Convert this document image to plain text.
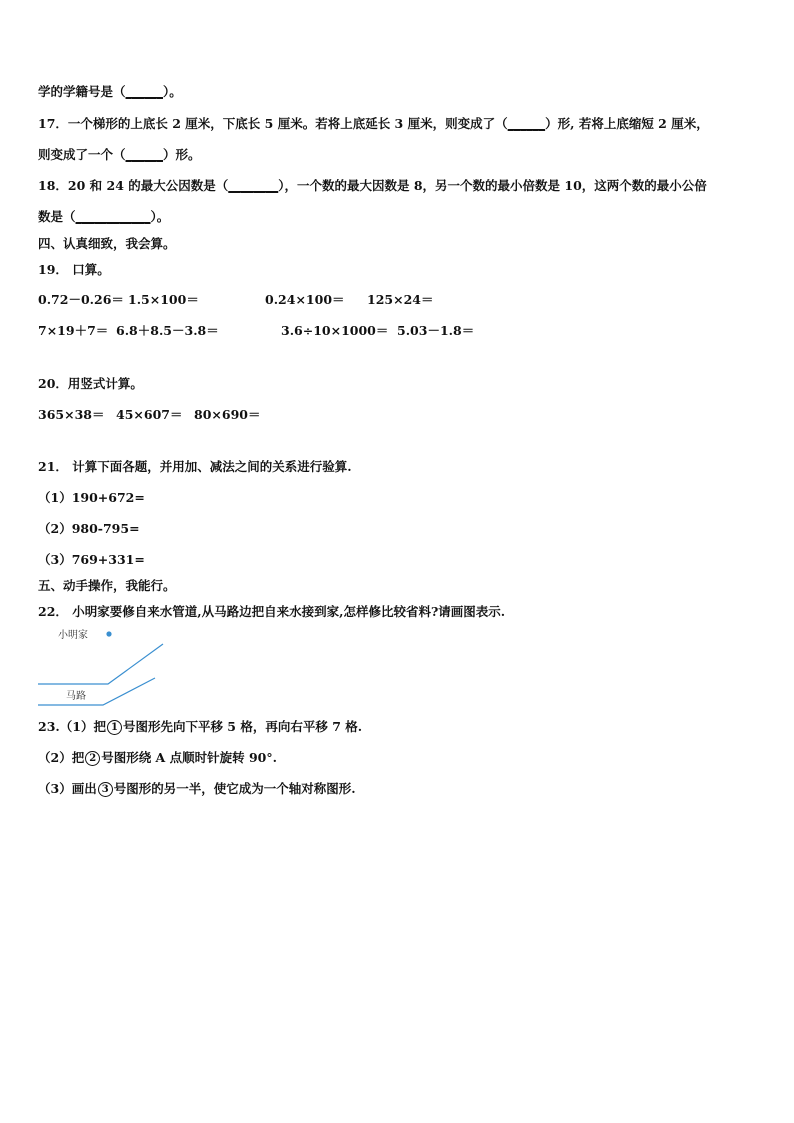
学的学籍号是（______）。
17．一个梯形的上底长 2 厘米，下底长 5 厘米。若将上底延长 3 厘米，则变成了（______）形, 若将上底缩短 2 厘米，
则变成了一个（______）形。
18．20 和 24 的最大公因数是（________），一个数的最大因数是 8，另一个数的最小倍数是 10，这两个数的最小公倍
数是（____________）。
四、认真细致，我会算。
19． 口算。
0.72－0.26＝ 1.5×100＝	0.24×100＝ 125×24＝
7×19＋7＝ 6.8＋8.5－3.8＝	3.6÷10×1000＝ 5.03－1.8＝
20．用竖式计算。
365×38＝ 45×607＝ 80×690＝
21． 计算下面各题，并用加、减法之间的关系进行验算.
（1）190+672=
（2）980-795=
（3）769+331=
五、动手操作，我能行。
22． 小明家要修自来水管道,从马路边把自来水接到家,怎样修比较省料?请画图表示.
小明家
马路
23.（1）把 1 号图形先向下平移 5 格，再向右平移 7 格.
（2）把 2 号图形绕 A 点顺时针旋转 90°.
（3）画出 3 号图形的另一半，使它成为一个轴对称图形.
